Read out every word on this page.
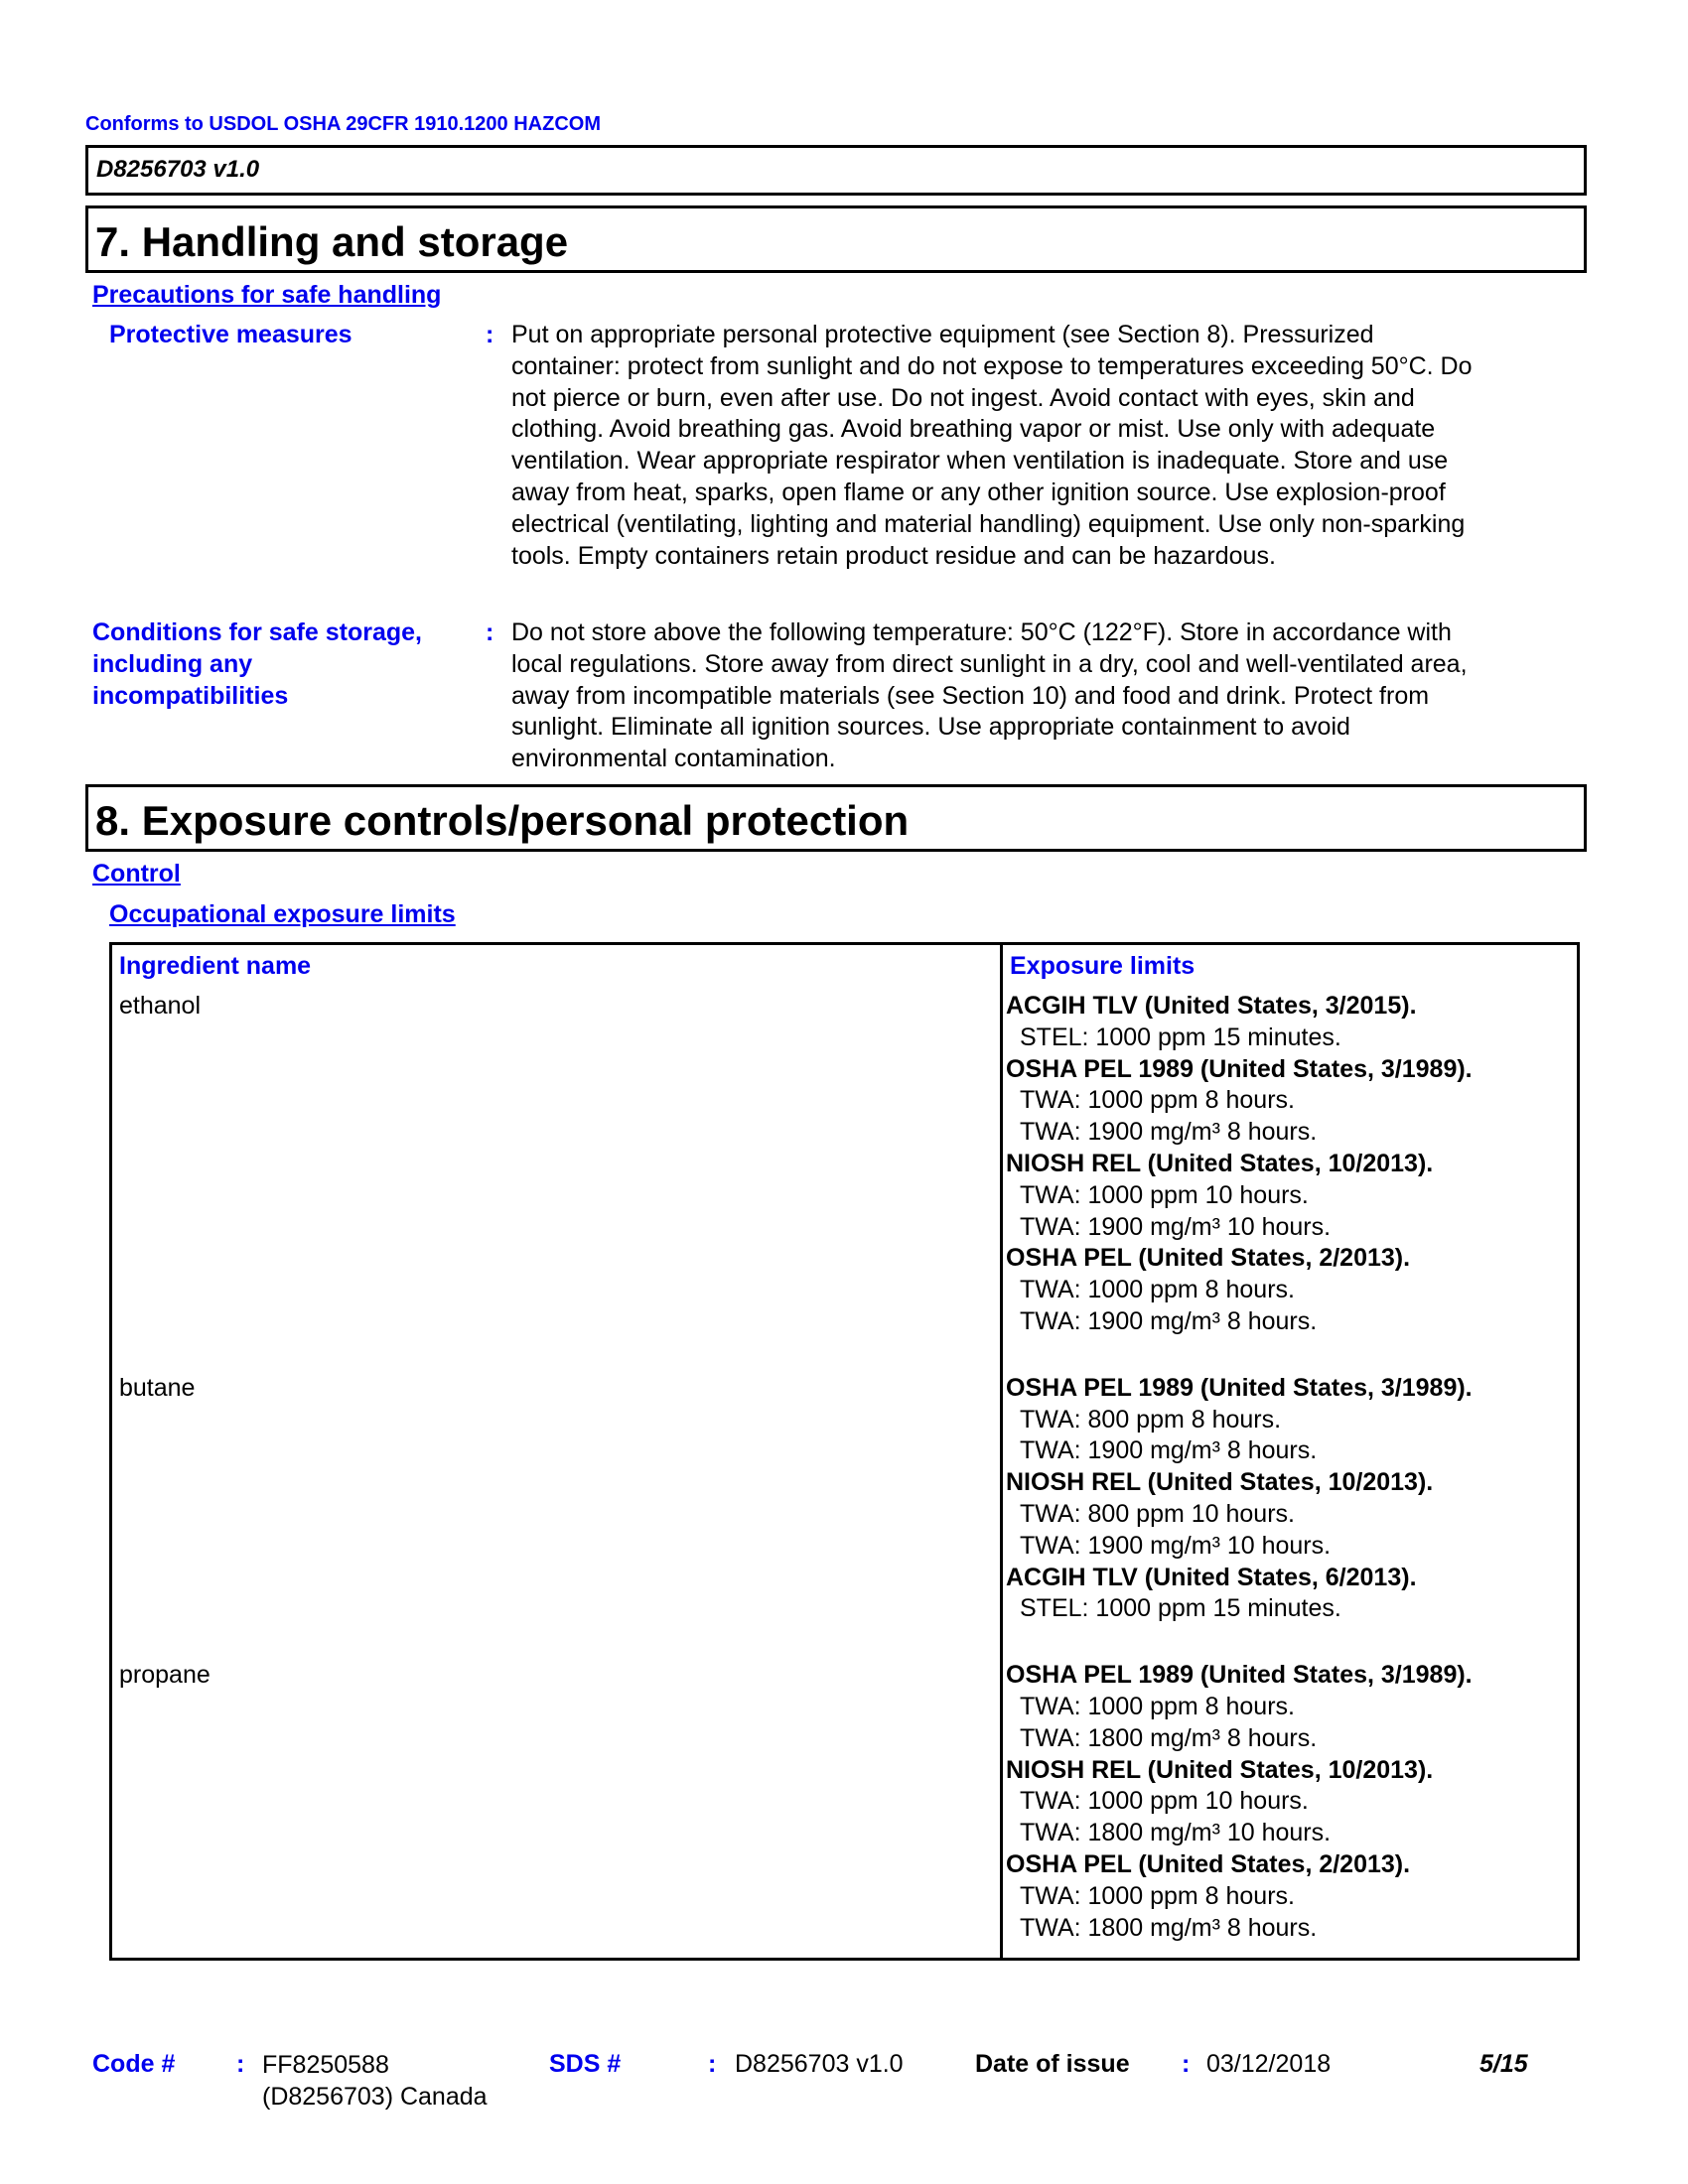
Conforms to USDOL OSHA 29CFR 1910.1200 HAZCOM
D8256703 v1.0
7. Handling and storage
Precautions for safe handling
Protective measures	: Put on appropriate personal protective equipment (see Section 8). Pressurized
container: protect from sunlight and do not expose to temperatures exceeding 50°C. Do
not pierce or burn, even after use. Do not ingest. Avoid contact with eyes, skin and
clothing. Avoid breathing gas. Avoid breathing vapor or mist. Use only with adequate
ventilation. Wear appropriate respirator when ventilation is inadequate. Store and use
away from heat, sparks, open flame or any other ignition source. Use explosion-proof
electrical (ventilating, lighting and material handling) equipment. Use only non-sparking
tools. Empty containers retain product residue and can be hazardous.
Conditions for safe storage,
including any
incompatibilities
: Do not store above the following temperature: 50°C (122°F). Store in accordance with
local regulations. Store away from direct sunlight in a dry, cool and well-ventilated area,
away from incompatible materials (see Section 10) and food and drink. Protect from
sunlight. Eliminate all ignition sources. Use appropriate containment to avoid
environmental contamination.
8. Exposure controls/personal protection
Control
Occupational exposure limits
Ingredient name	Exposure limits
ethanol	ACGIH TLV (United States, 3/2015).
STEL: 1000 ppm 15 minutes.
OSHA PEL 1989 (United States, 3/1989).
TWA: 1000 ppm 8 hours.
TWA: 1900 mg/m³ 8 hours.
NIOSH REL (United States, 10/2013).
TWA: 1000 ppm 10 hours.
TWA: 1900 mg/m³ 10 hours.
OSHA PEL (United States, 2/2013).
TWA: 1000 ppm 8 hours.
TWA: 1900 mg/m³ 8 hours.
butane	OSHA PEL 1989 (United States, 3/1989).
TWA: 800 ppm 8 hours.
TWA: 1900 mg/m³ 8 hours.
NIOSH REL (United States, 10/2013).
TWA: 800 ppm 10 hours.
TWA: 1900 mg/m³ 10 hours.
ACGIH TLV (United States, 6/2013).
STEL: 1000 ppm 15 minutes.
propane	OSHA PEL 1989 (United States, 3/1989).
TWA: 1000 ppm 8 hours.
TWA: 1800 mg/m³ 8 hours.
NIOSH REL (United States, 10/2013).
TWA: 1000 ppm 10 hours.
TWA: 1800 mg/m³ 10 hours.
OSHA PEL (United States, 2/2013).
TWA: 1000 ppm 8 hours.
TWA: 1800 mg/m³ 8 hours.
Code # : FF8250588
(D8256703) Canada
SDS #	: D8256703 v1.0	Date of issue : 03/12/2018	5/15
